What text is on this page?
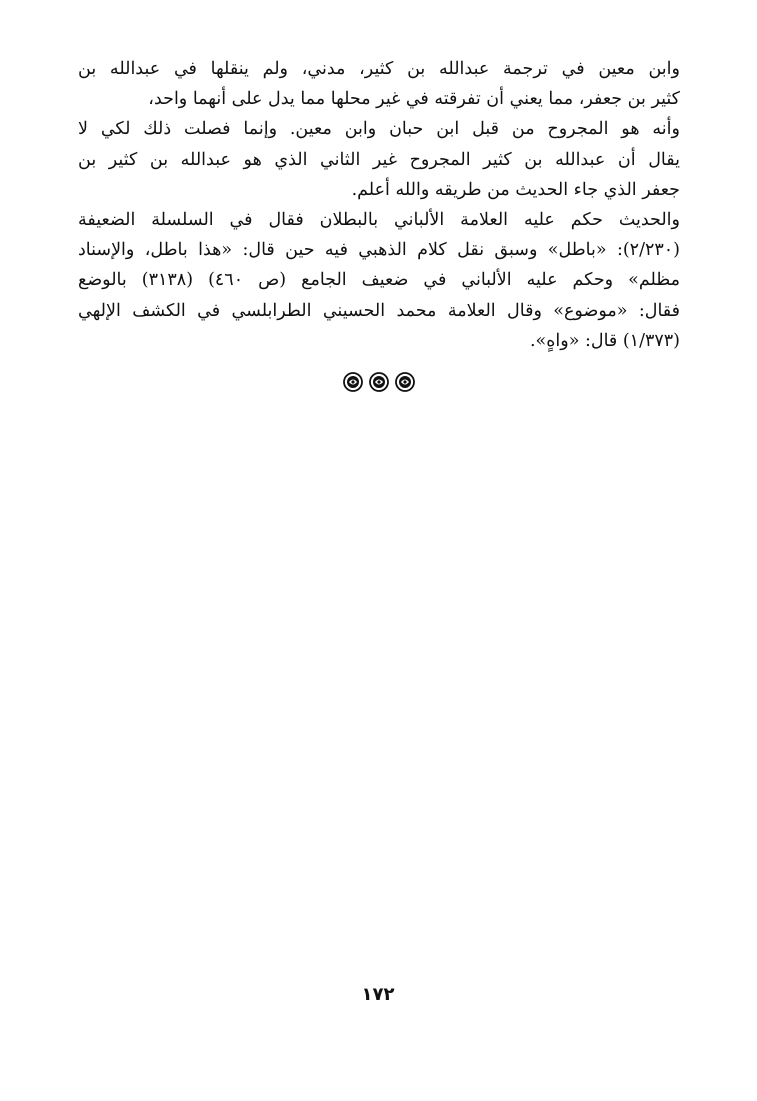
وابن معين في ترجمة عبدالله بن كثير، مدني، ولم ينقلها في عبدالله بن
كثير بن جعفر، مما يعني أن تفرقته في غير محلها مما يدل على أنهما واحد،
وأنه هو المجروح من قبل ابن حبان وابن معين. وإنما فصلت ذلك لكي لا
يقال أن عبدالله بن كثير المجروح غير الثاني الذي هو عبدالله بن كثير بن
جعفر الذي جاء الحديث من طريقه والله أعلم.
والحديث حكم عليه العلامة الألباني بالبطلان فقال في السلسلة الضعيفة
(٢/٢٣٠): «باطل» وسبق نقل كلام الذهبي فيه حين قال: «هذا باطل، والإسناد
مظلم» وحكم عليه الألباني في ضعيف الجامع (ص ٤٦٠) (٣١٣٨) بالوضع
فقال: «موضوع» وقال العلامة محمد الحسيني الطرابلسي في الكشف الإلهي
(١/٣٧٣) قال: «واهٍ».
١٧٢
